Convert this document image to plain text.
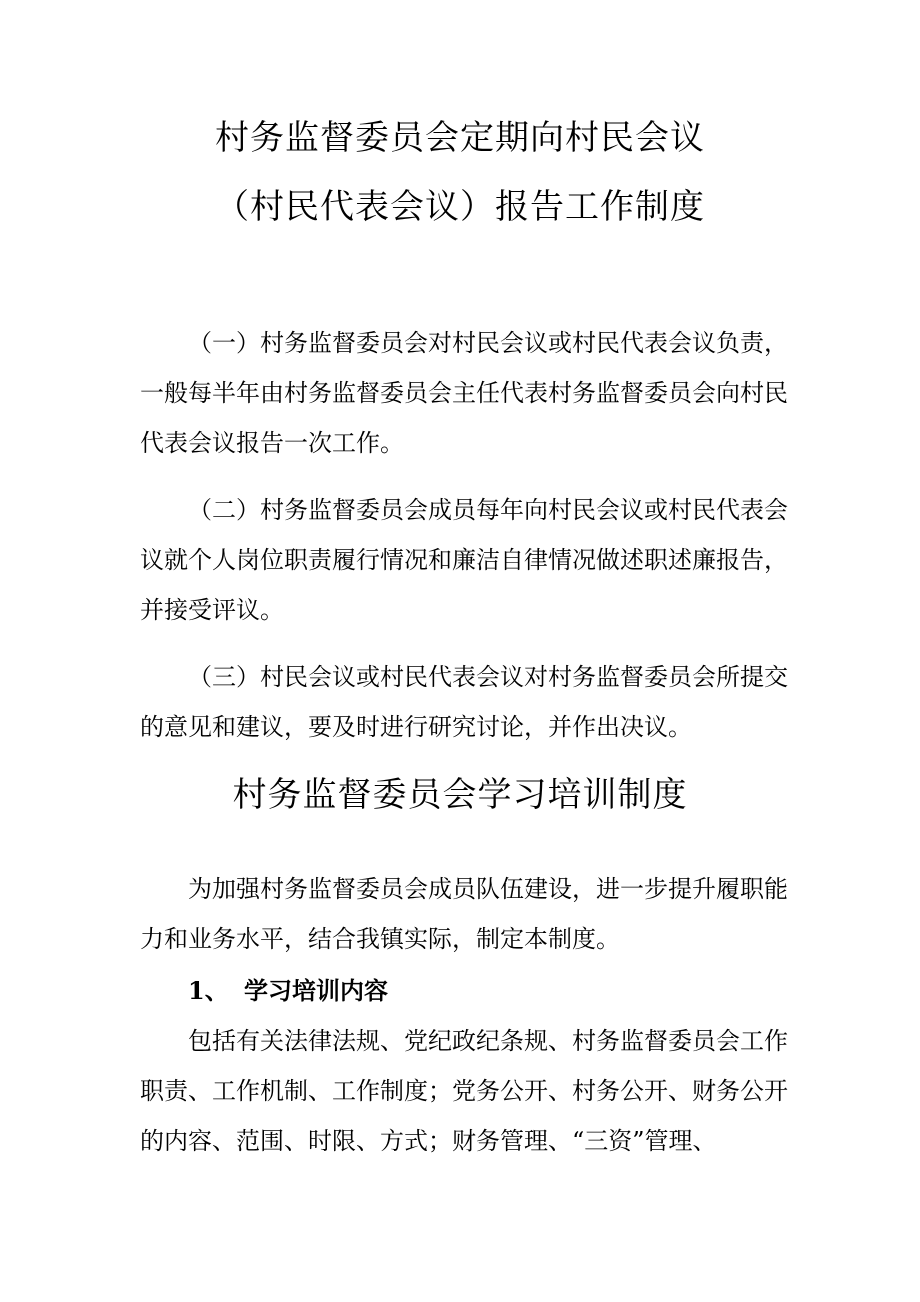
村务监督委员会定期向村民会议
（村民代表会议）报告工作制度

（一）村务监督委员会对村民会议或村民代表会议负责，一般每半年由村务监督委员会主任代表村务监督委员会向村民代表会议报告一次工作。

（二）村务监督委员会成员每年向村民会议或村民代表会议就个人岗位职责履行情况和廉洁自律情况做述职述廉报告，并接受评议。

（三）村民会议或村民代表会议对村务监督委员会所提交的意见和建议，要及时进行研究讨论，并作出决议。

村务监督委员会学习培训制度

为加强村务监督委员会成员队伍建设，进一步提升履职能力和业务水平，结合我镇实际，制定本制度。

1、 学习培训内容

包括有关法律法规、党纪政纪条规、村务监督委员会工作职责、工作机制、工作制度；党务公开、村务公开、财务公开的内容、范围、时限、方式；财务管理、“三资”管理、
